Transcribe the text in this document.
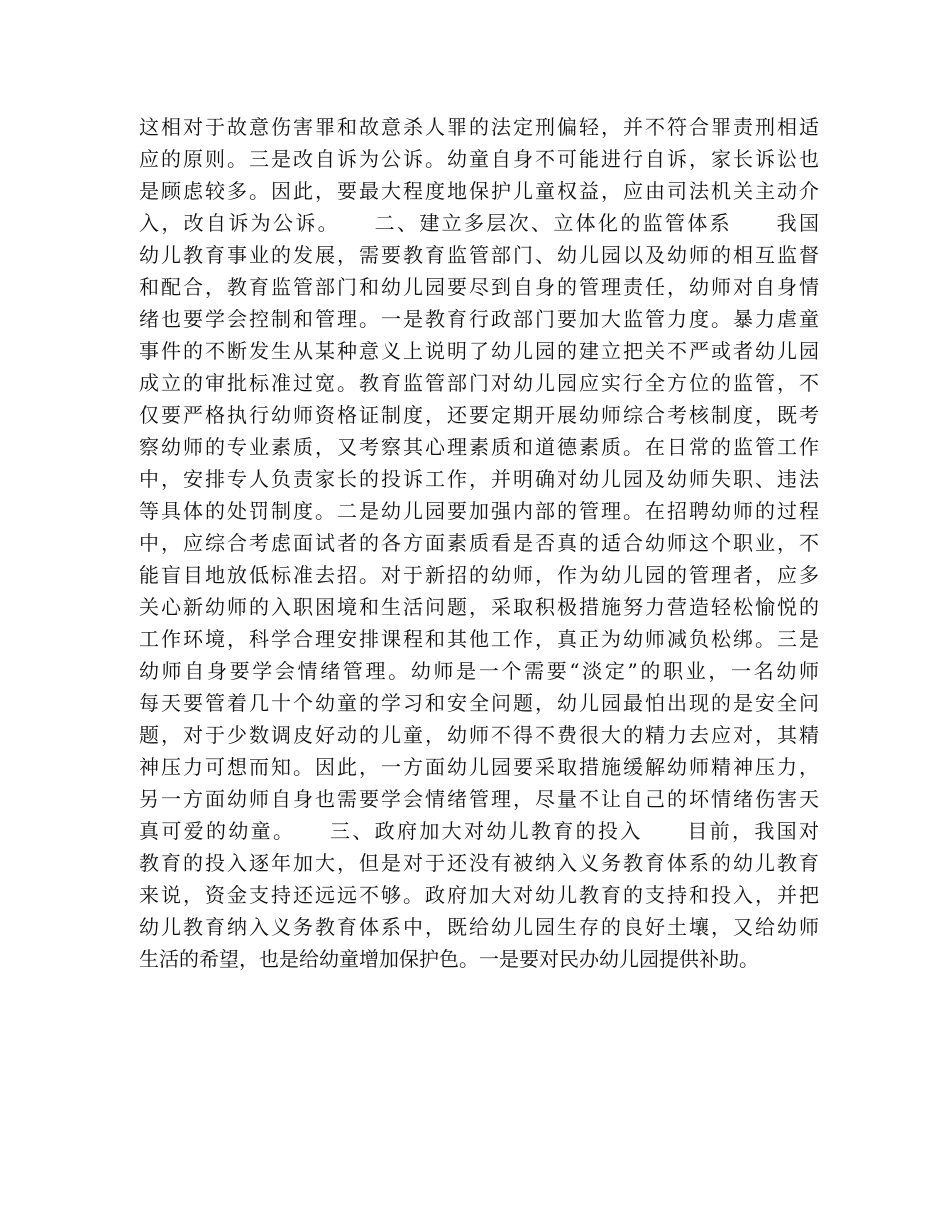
这相对于故意伤害罪和故意杀人罪的法定刑偏轻，并不符合罪责刑相适
应的原则。三是改自诉为公诉。幼童自身不可能进行自诉，家长诉讼也
是顾虑较多。因此，要最大程度地保护儿童权益，应由司法机关主动介
入，改自诉为公诉。　　二、建立多层次、立体化的监管体系　　我国
幼儿教育事业的发展，需要教育监管部门、幼儿园以及幼师的相互监督
和配合，教育监管部门和幼儿园要尽到自身的管理责任，幼师对自身情
绪也要学会控制和管理。一是教育行政部门要加大监管力度。暴力虐童
事件的不断发生从某种意义上说明了幼儿园的建立把关不严或者幼儿园
成立的审批标准过宽。教育监管部门对幼儿园应实行全方位的监管，不
仅要严格执行幼师资格证制度，还要定期开展幼师综合考核制度，既考
察幼师的专业素质，又考察其心理素质和道德素质。在日常的监管工作
中，安排专人负责家长的投诉工作，并明确对幼儿园及幼师失职、违法
等具体的处罚制度。二是幼儿园要加强内部的管理。在招聘幼师的过程
中，应综合考虑面试者的各方面素质看是否真的适合幼师这个职业，不
能盲目地放低标准去招。对于新招的幼师，作为幼儿园的管理者，应多
关心新幼师的入职困境和生活问题，采取积极措施努力营造轻松愉悦的
工作环境，科学合理安排课程和其他工作，真正为幼师减负松绑。三是
幼师自身要学会情绪管理。幼师是一个需要“淡定”的职业，一名幼师
每天要管着几十个幼童的学习和安全问题，幼儿园最怕出现的是安全问
题，对于少数调皮好动的儿童，幼师不得不费很大的精力去应对，其精
神压力可想而知。因此，一方面幼儿园要采取措施缓解幼师精神压力，
另一方面幼师自身也需要学会情绪管理，尽量不让自己的坏情绪伤害天
真可爱的幼童。　　三、政府加大对幼儿教育的投入　　目前，我国对
教育的投入逐年加大，但是对于还没有被纳入义务教育体系的幼儿教育
来说，资金支持还远远不够。政府加大对幼儿教育的支持和投入，并把
幼儿教育纳入义务教育体系中，既给幼儿园生存的良好土壤，又给幼师
生活的希望，也是给幼童增加保护色。一是要对民办幼儿园提供补助。
